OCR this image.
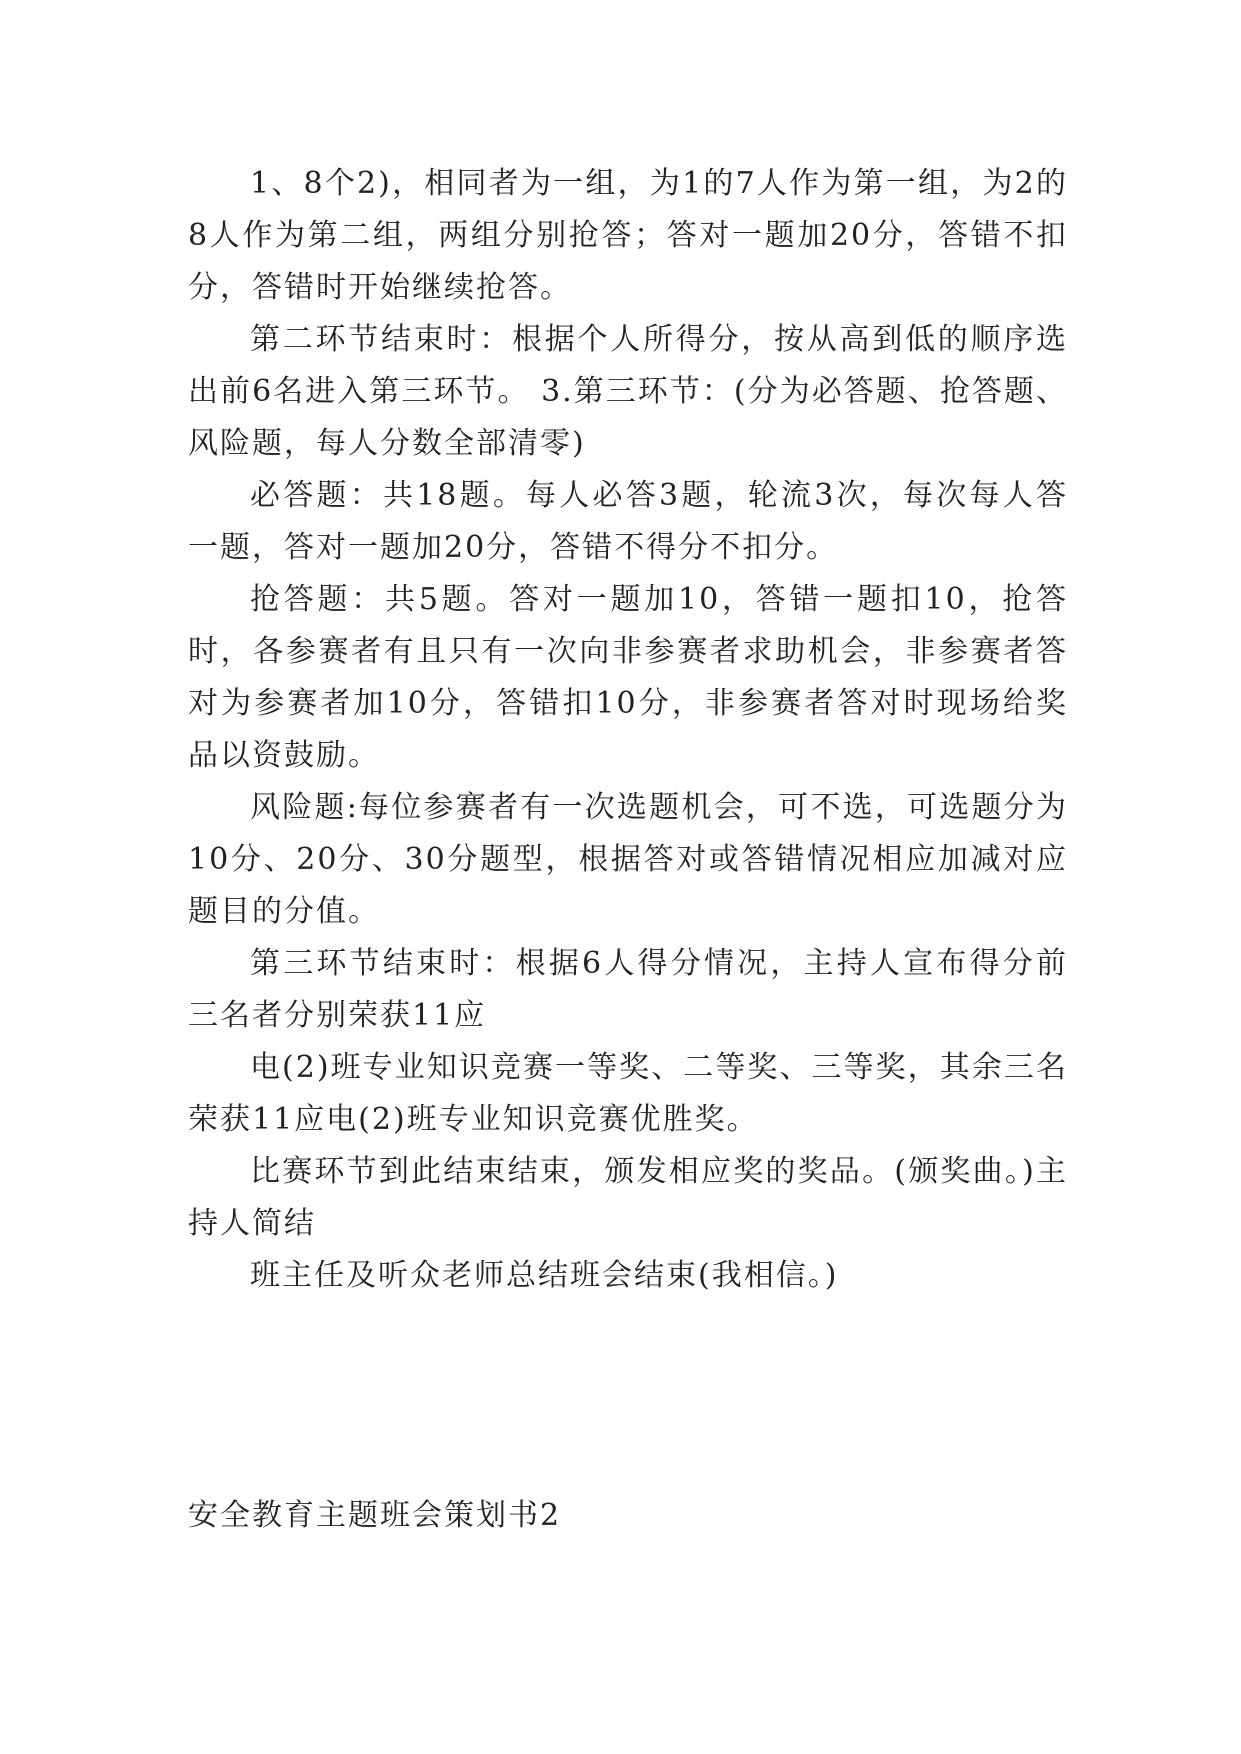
1、8个2)，相同者为一组，为1的7人作为第一组，为2的8人作为第二组，两组分别抢答；答对一题加20分，答错不扣分，答错时开始继续抢答。

第二环节结束时：根据个人所得分，按从高到低的顺序选出前6名进入第三环节。 3.第三环节：(分为必答题、抢答题、风险题，每人分数全部清零)

必答题：共18题。每人必答3题，轮流3次，每次每人答一题，答对一题加20分，答错不得分不扣分。

抢答题：共5题。答对一题加10，答错一题扣10，抢答时，各参赛者有且只有一次向非参赛者求助机会，非参赛者答对为参赛者加10分，答错扣10分，非参赛者答对时现场给奖品以资鼓励。

风险题:每位参赛者有一次选题机会，可不选，可选题分为10分、20分、30分题型，根据答对或答错情况相应加减对应题目的分值。

第三环节结束时：根据6人得分情况，主持人宣布得分前三名者分别荣获11应

电(2)班专业知识竞赛一等奖、二等奖、三等奖，其余三名荣获11应电(2)班专业知识竞赛优胜奖。

比赛环节到此结束结束，颁发相应奖的奖品。(颁奖曲。)主持人简结

班主任及听众老师总结班会结束(我相信。)

安全教育主题班会策划书2
